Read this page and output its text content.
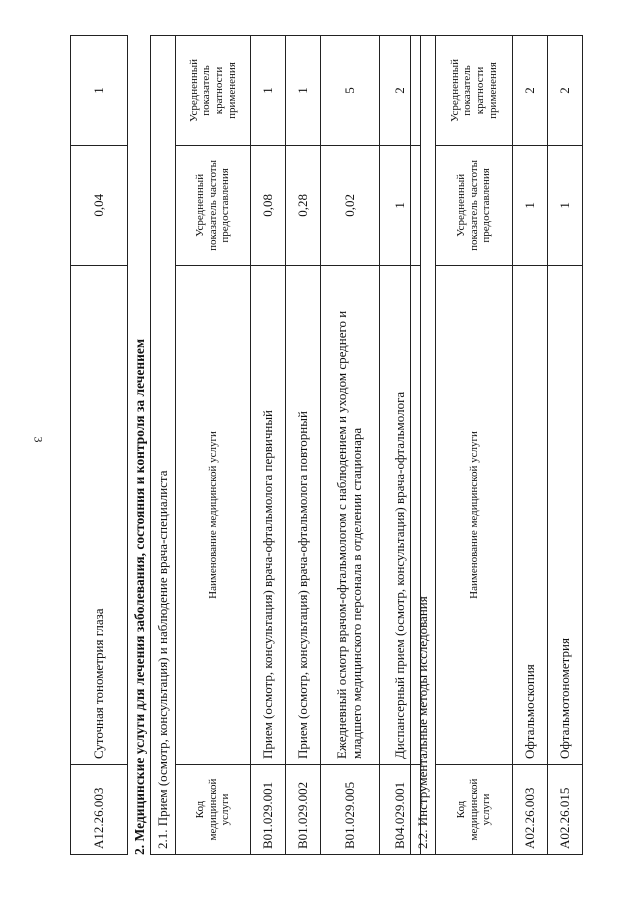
3
A12.26.003	Суточная тонометрия глаза	0,04	1
2. Медицинские услуги для лечения заболевания, состояния и контроля за лечением 2.1. Прием (осмотр, консультация) и наблюдение врача-специалиста			
Код медицинской услуги	Наименование медицинской услуги	Усредненный показатель частоты предоставления	Усредненный показатель кратности применения
B01.029.001	Прием (осмотр, консультация) врача-офтальмолога первичный	0,08	1
B01.029.002	Прием (осмотр, консультация) врача-офтальмолога повторный	0,28	1
B01.029.005	Ежедневный осмотр врачом-офтальмологом с наблюдением и уходом среднего и младшего медицинского персонала в отделении стационара	0,02	5
B04.029.001	Диспансерный прием (осмотр, консультация) врача-офтальмолога	1	2
2.2. Инструментальные методы исследования			
Код медицинской услуги	Наименование медицинской услуги	Усредненный показатель частоты предоставления	Усредненный показатель кратности применения
A02.26.003	Офтальмоскопия	1	2
A02.26.015	Офтальмотонометрия	1	2
